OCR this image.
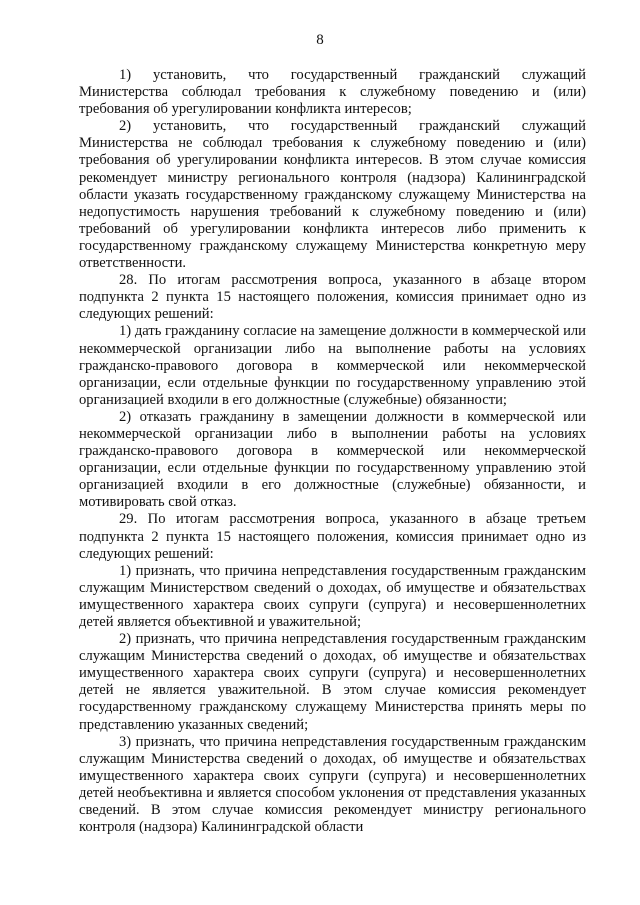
8

1) установить, что государственный гражданский служащий Министерства соблюдал требования к служебному поведению и (или) требования об урегулировании конфликта интересов;

2) установить, что государственный гражданский служащий Министерства не соблюдал требования к служебному поведению и (или) требования об урегулировании конфликта интересов. В этом случае комиссия рекомендует министру регионального контроля (надзора) Калининградской области указать государственному гражданскому служащему Министерства на недопустимость нарушения требований к служебному поведению и (или) требований об урегулировании конфликта интересов либо применить к государственному гражданскому служащему Министерства конкретную меру ответственности.

28. По итогам рассмотрения вопроса, указанного в абзаце втором подпункта 2 пункта 15 настоящего положения, комиссия принимает одно из следующих решений:

1) дать гражданину согласие на замещение должности в коммерческой или некоммерческой организации либо на выполнение работы на условиях гражданско-правового договора в коммерческой или некоммерческой организации, если отдельные функции по государственному управлению этой организацией входили в его должностные (служебные) обязанности;

2) отказать гражданину в замещении должности в коммерческой или некоммерческой организации либо в выполнении работы на условиях гражданско-правового договора в коммерческой или некоммерческой организации, если отдельные функции по государственному управлению этой организацией входили в его должностные (служебные) обязанности, и мотивировать свой отказ.

29. По итогам рассмотрения вопроса, указанного в абзаце третьем подпункта 2 пункта 15 настоящего положения, комиссия принимает одно из следующих решений:

1) признать, что причина непредставления государственным гражданским служащим Министерством сведений о доходах, об имуществе и обязательствах имущественного характера своих супруги (супруга) и несовершеннолетних детей является объективной и уважительной;

2) признать, что причина непредставления государственным гражданским служащим Министерства сведений о доходах, об имуществе и обязательствах имущественного характера своих супруги (супруга) и несовершеннолетних детей не является уважительной. В этом случае комиссия рекомендует государственному гражданскому служащему Министерства принять меры по представлению указанных сведений;

3) признать, что причина непредставления государственным гражданским служащим Министерства сведений о доходах, об имуществе и обязательствах имущественного характера своих супруги (супруга) и несовершеннолетних детей необъективна и является способом уклонения от представления указанных сведений. В этом случае комиссия рекомендует министру регионального контроля (надзора) Калининградской области
